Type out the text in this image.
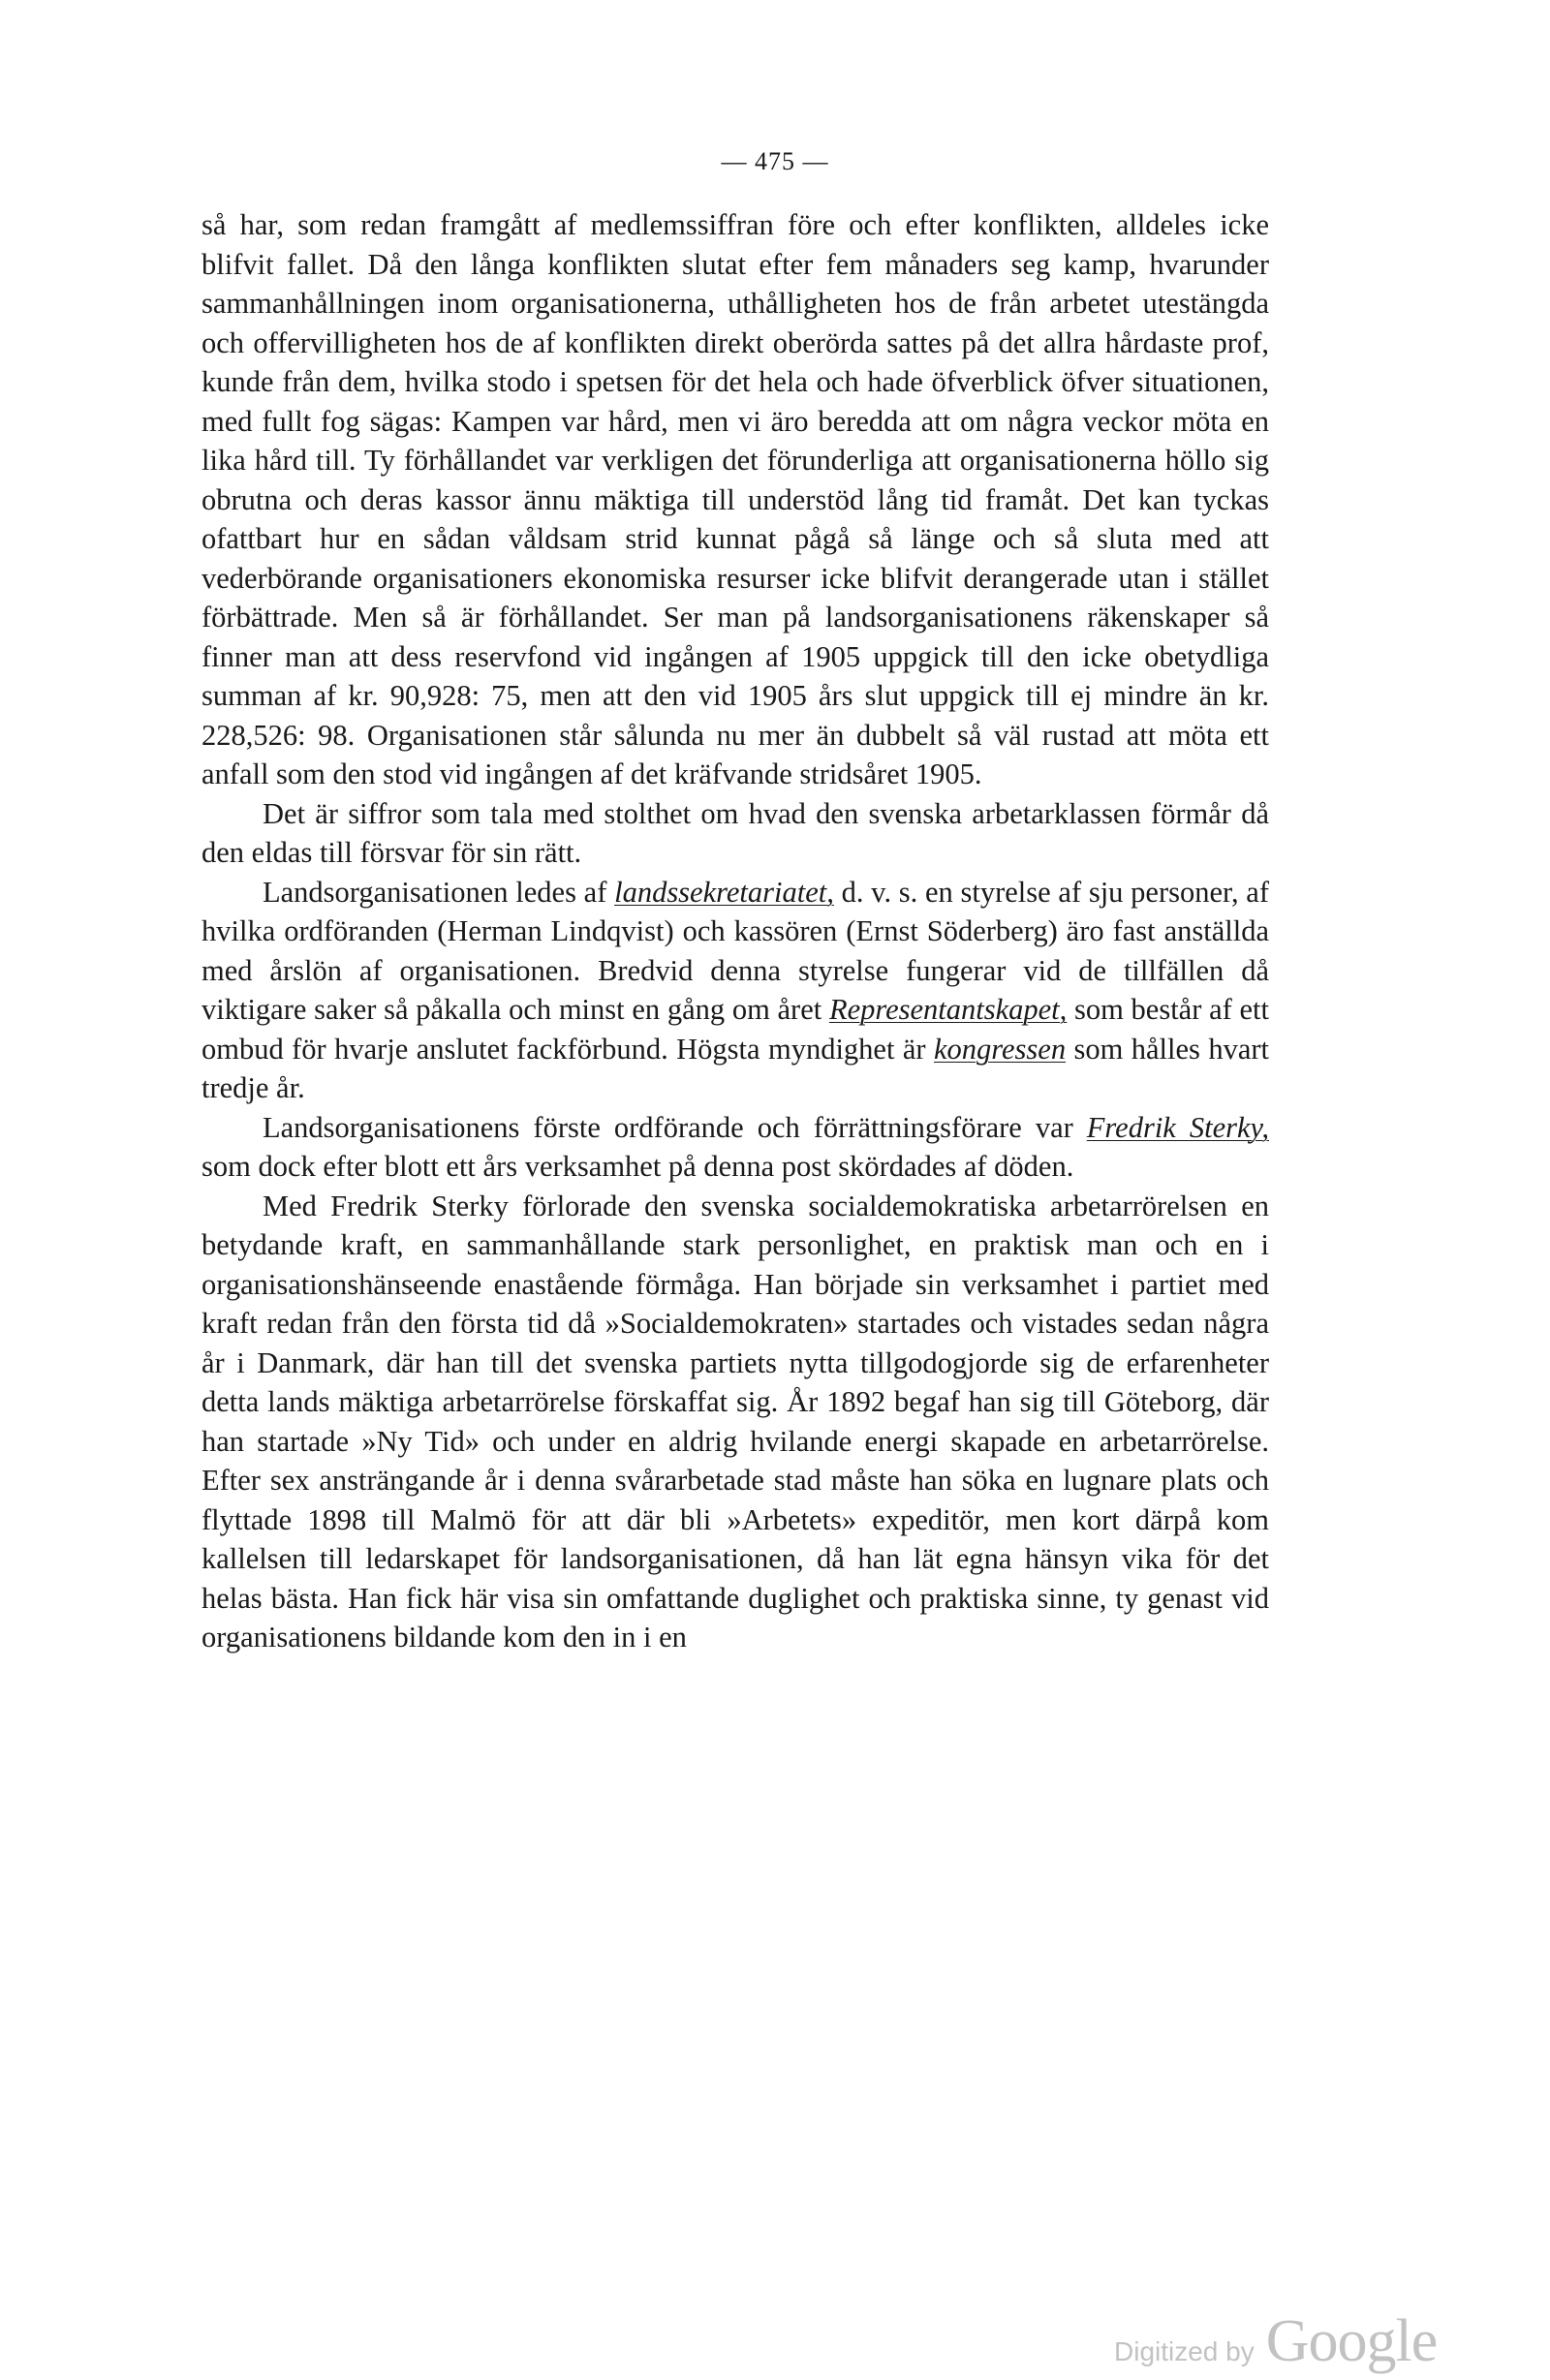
— 475 —

så har, som redan framgått af medlemssiffran före och efter konflikten, alldeles icke blifvit fallet. Då den långa konflikten slutat efter fem månaders seg kamp, hvarunder sammanhållningen inom organisationerna, uthålligheten hos de från arbetet utestängda och offervilligheten hos de af konflikten direkt oberörda sattes på det allra hårdaste prof, kunde från dem, hvilka stodo i spetsen för det hela och hade öfverblick öfver situationen, med fullt fog sägas: Kampen var hård, men vi äro beredda att om några veckor möta en lika hård till. Ty förhållandet var verkligen det förunderliga att organisationerna höllo sig obrutna och deras kassor ännu mäktiga till understöd lång tid framåt. Det kan tyckas ofattbart hur en sådan våldsam strid kunnat pågå så länge och så sluta med att vederbörande organisationers ekonomiska resurser icke blifvit derangerade utan i stället förbättrade. Men så är förhållandet. Ser man på landsorganisationens räkenskaper så finner man att dess reservfond vid ingången af 1905 uppgick till den icke obetydliga summan af kr. 90,928: 75, men att den vid 1905 års slut uppgick till ej mindre än kr. 228,526: 98. Organisationen står sålunda nu mer än dubbelt så väl rustad att möta ett anfall som den stod vid ingången af det kräfvande stridsåret 1905.

Det är siffror som tala med stolthet om hvad den svenska arbetarklassen förmår då den eldas till försvar för sin rätt.

Landsorganisationen ledes af landssekretariatet, d. v. s. en styrelse af sju personer, af hvilka ordföranden (Herman Lindqvist) och kassören (Ernst Söderberg) äro fast anställda med årslön af organisationen. Bredvid denna styrelse fungerar vid de tillfällen då viktigare saker så påkalla och minst en gång om året Representantskapet, som består af ett ombud för hvarje anslutet fackförbund. Högsta myndighet är kongressen som hålles hvart tredje år.

Landsorganisationens förste ordförande och förrättningsförare var Fredrik Sterky, som dock efter blott ett års verksamhet på denna post skördades af döden.

Med Fredrik Sterky förlorade den svenska socialdemokratiska arbetarrörelsen en betydande kraft, en sammanhållande stark personlighet, en praktisk man och en i organisationshänseende enastående förmåga. Han började sin verksamhet i partiet med kraft redan från den första tid då »Socialdemokraten» startades och vistades sedan några år i Danmark, där han till det svenska partiets nytta tillgodogjorde sig de erfarenheter detta lands mäktiga arbetarrörelse förskaffat sig. År 1892 begaf han sig till Göteborg, där han startade »Ny Tid» och under en aldrig hvilande energi skapade en arbetarrörelse. Efter sex ansträngande år i denna svårarbetade stad måste han söka en lugnare plats och flyttade 1898 till Malmö för att där bli »Arbetets» expeditör, men kort därpå kom kallelsen till ledarskapet för landsorganisationen, då han lät egna hänsyn vika för det helas bästa. Han fick här visa sin omfattande duglighet och praktiska sinne, ty genast vid organisationens bildande kom den in i en

Digitized by Google
